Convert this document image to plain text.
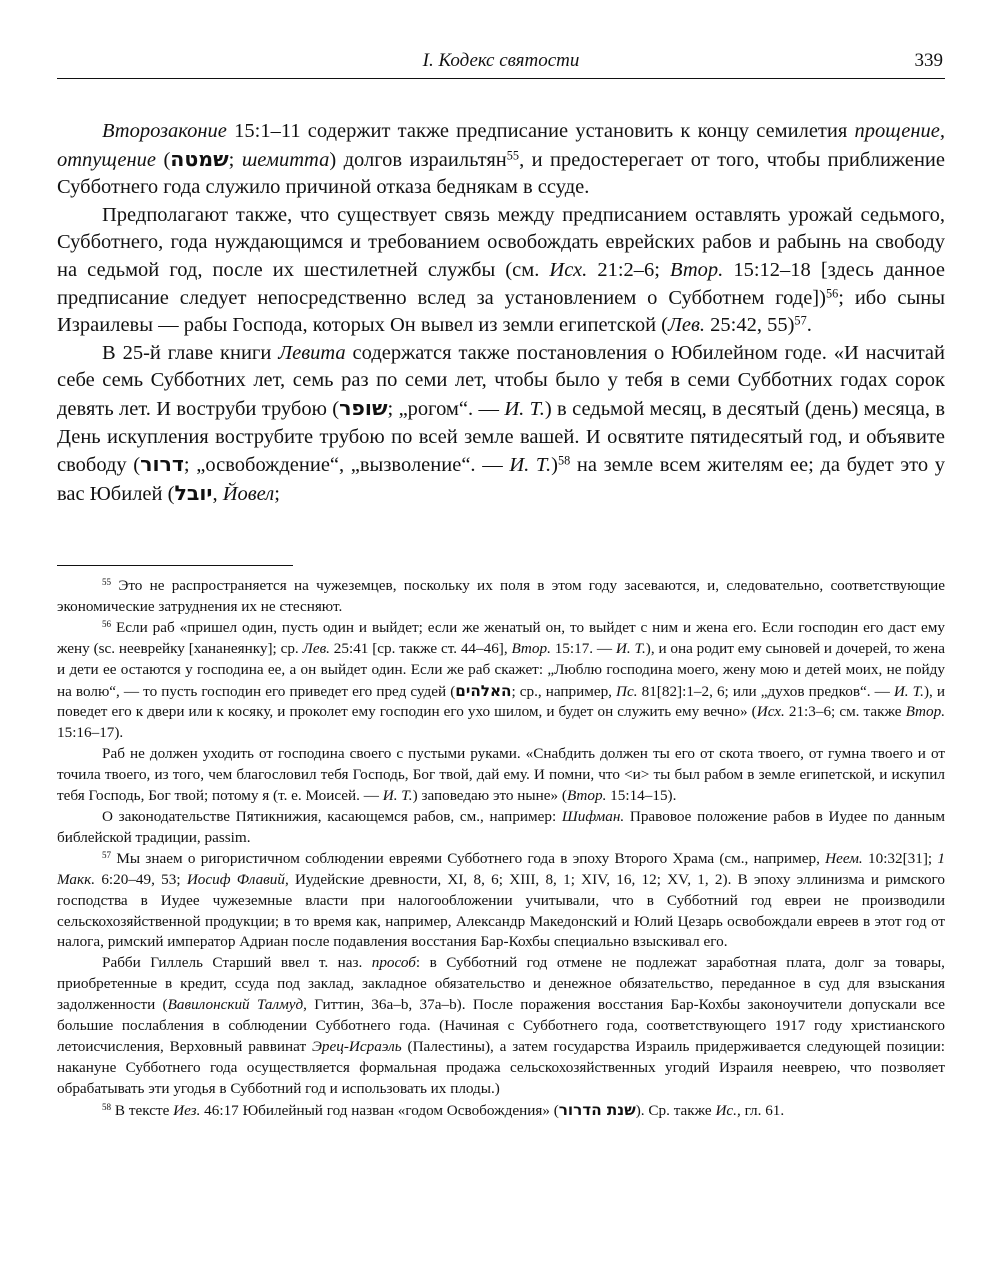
I. Кодекс святости	339

Второзаконие 15:1–11 содержит также предписание установить к концу семилетия прощение, отпущение (שמטה; шемитта) долгов израильтян$^{55}$, и предостерегает от того, чтобы приближение Субботнего года служило причиной отказа беднякам в ссуде.

Предполагают также, что существует связь между предписанием оставлять урожай седьмого, Субботнего, года нуждающимся и требованием освобождать еврейских рабов и рабынь на свободу на седьмой год, после их шестилетней службы (см. Исх. 21:2–6; Втор. 15:12–18 [здесь данное предписание следует непосредственно вслед за установлением о Субботнем годе])$^{56}$; ибо сыны Израилевы — рабы Господа, которых Он вывел из земли египетской (Лев. 25:42, 55)$^{57}$.

В 25-й главе книги Левита содержатся также постановления о Юбилейном годе. «И насчитай себе семь Субботних лет, семь раз по семи лет, чтобы было у тебя в семи Субботних годах сорок девять лет. И воструби трубою (שופר; „рогом“. — И. Т.) в седьмой месяц, в десятый (день) месяца, в День искупления вострубите трубою по всей земле вашей. И освятите пятидесятый год, и объявите свободу (דרור; „освобождение“, „вызволение“. — И. Т.)$^{58}$ на земле всем жителям ее; да будет это у вас Юбилей (יובל, Йовел;

$^{55}$ Это не распространяется на чужеземцев, поскольку их поля в этом году засеваются, и, следовательно, соответствующие экономические затруднения их не стесняют.

$^{56}$ Если раб «пришел один, пусть один и выйдет; если же женатый он, то выйдет с ним и жена его. Если господин его даст ему жену (sc. нееврейку [хананеянку]; ср. Лев. 25:41 [ср. также ст. 44–46], Втор. 15:17. — И. Т.), и она родит ему сыновей и дочерей, то жена и дети ее остаются у господина ее, а он выйдет один. Если же раб скажет: „Люблю господина моего, жену мою и детей моих, не пойду на волю“, — то пусть господин его приведет его пред судей (האלהים; ср., например, Пс. 81[82]:1–2, 6; или „духов предков“. — И. Т.), и поведет его к двери или к косяку, и проколет ему господин его ухо шилом, и будет он служить ему вечно» (Исх. 21:3–6; см. также Втор. 15:16–17).

Раб не должен уходить от господина своего с пустыми руками. «Снабдить должен ты его от скота твоего, от гумна твоего и от точила твоего, из того, чем благословил тебя Господь, Бог твой, дай ему. И помни, что <и> ты был рабом в земле египетской, и искупил тебя Господь, Бог твой; потому я (т. е. Моисей. — И. Т.) заповедаю это ныне» (Втор. 15:14–15).

О законодательстве Пятикнижия, касающемся рабов, см., например: Шифман. Правовое положение рабов в Иудее по данным библейской традиции, passim.

$^{57}$ Мы знаем о ригористичном соблюдении евреями Субботнего года в эпоху Второго Храма (см., например, Неем. 10:32[31]; 1 Макк. 6:20–49, 53; Иосиф Флавий, Иудейские древности, XI, 8, 6; XIII, 8, 1; XIV, 16, 12; XV, 1, 2). В эпоху эллинизма и римского господства в Иудее чужеземные власти при налогообложении учитывали, что в Субботний год евреи не производили сельскохозяйственной продукции; в то время как, например, Александр Македонский и Юлий Цезарь освобождали евреев в этот год от налога, римский император Адриан после подавления восстания Бар-Кохбы специально взыскивал его.

Рабби Гиллель Старший ввел т. наз. прособ: в Субботний год отмене не подлежат заработная плата, долг за товары, приобретенные в кредит, ссуда под заклад, закладное обязательство и денежное обязательство, переданное в суд для взыскания задолженности (Вавилонский Талмуд, Гиттин, 36a–b, 37a–b). После поражения восстания Бар-Кохбы законоучители допускали все большие послабления в соблюдении Субботнего года. (Начиная с Субботнего года, соответствующего 1917 году христианского летоисчисления, Верховный раввинат Эрец-Исраэль (Палестины), а затем государства Израиль придерживается следующей позиции: накануне Субботнего года осуществляется формальная продажа сельскохозяйственных угодий Израиля нееврею, что позволяет обрабатывать эти угодья в Субботний год и использовать их плоды.)

$^{58}$ В тексте Иез. 46:17 Юбилейный год назван «годом Освобождения» (שנת הדרור). Ср. также Ис., гл. 61.
